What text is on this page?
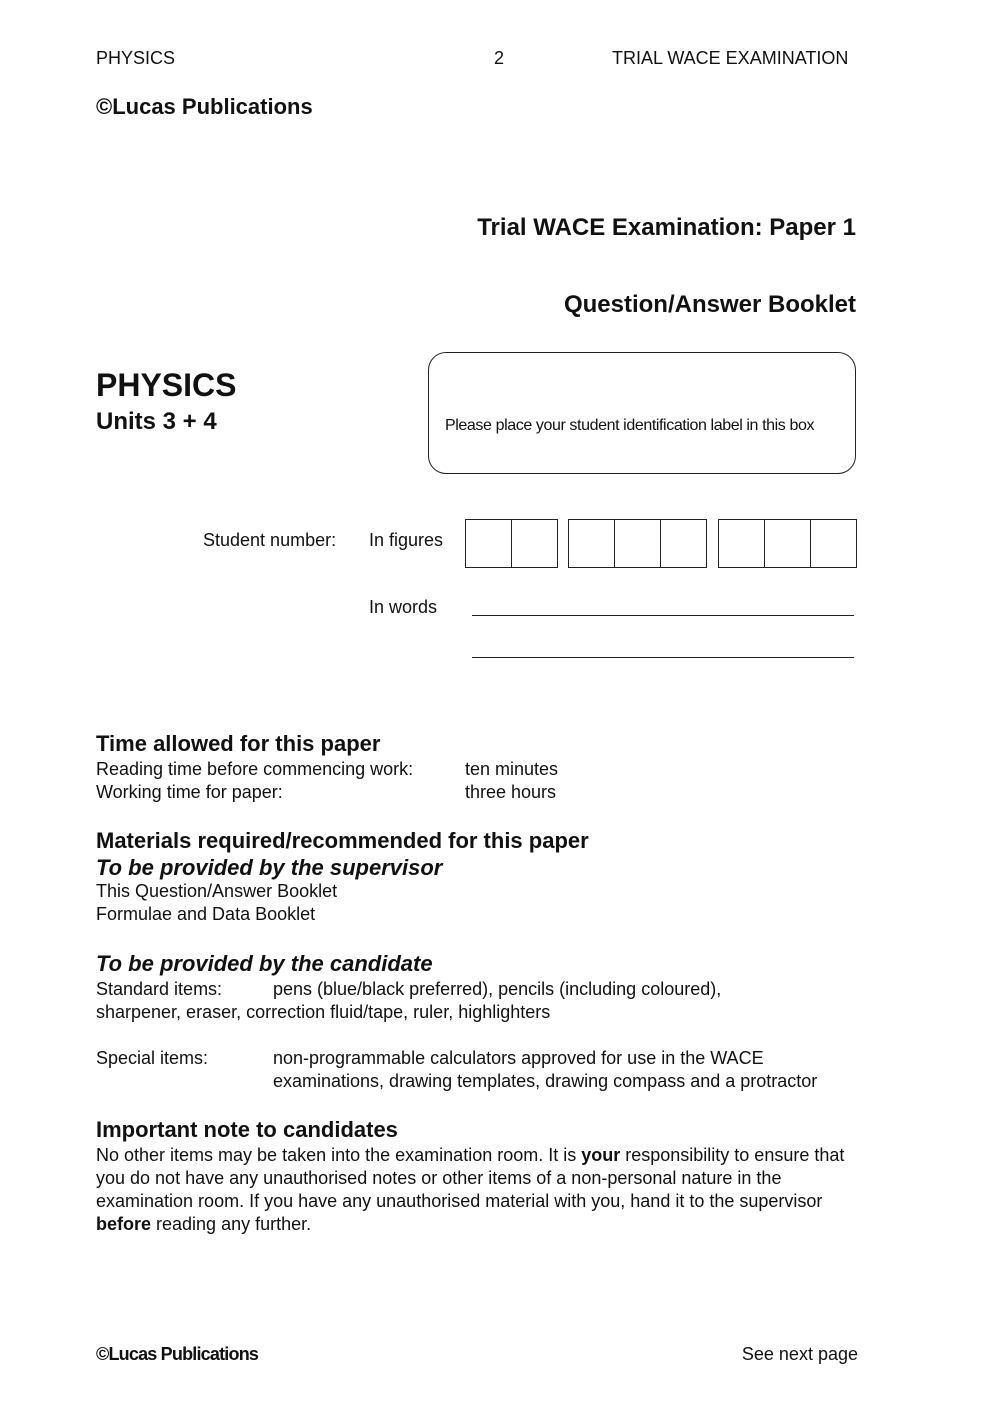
PHYSICS	2	TRIAL WACE EXAMINATION
©Lucas Publications
Trial WACE Examination: Paper 1
Question/Answer Booklet
PHYSICS
Units 3 + 4	Please place your student identification label in this box
Student number: In figures
In words
Time allowed for this paper
Reading time before commencing work:	ten minutes
Working time for paper:	three hours
Materials required/recommended for this paper
To be provided by the supervisor
This Question/Answer Booklet
Formulae and Data Booklet
To be provided by the candidate
Standard items:	pens (blue/black preferred), pencils (including coloured),
sharpener, eraser, correction fluid/tape, ruler, highlighters
Special items:	non-programmable calculators approved for use in the WACE
examinations, drawing templates, drawing compass and a protractor
Important note to candidates
No other items may be taken into the examination room. It is your responsibility to ensure that you do not have any unauthorised notes or other items of a non-personal nature in the examination room. If you have any unauthorised material with you, hand it to the supervisor before reading any further.
©Lucas Publications	See next page
